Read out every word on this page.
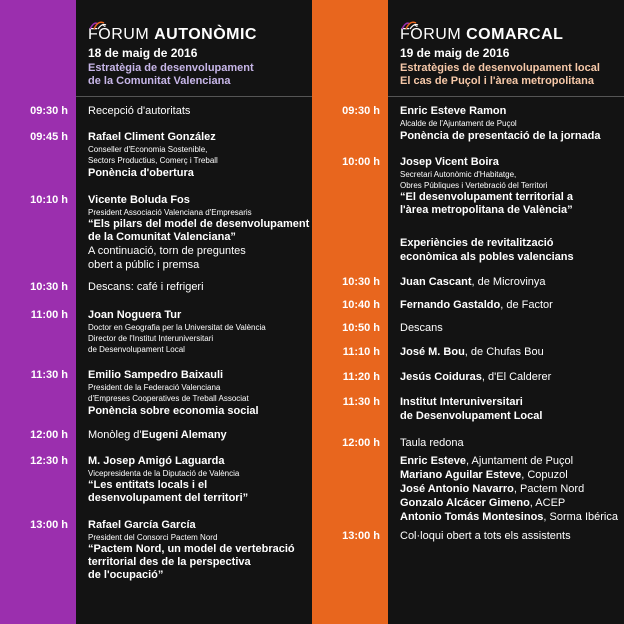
FÒRUM AUTONÒMIC
18 de maig de 2016
Estratègia de desenvolupament
de la Comunitat Valenciana
09:30 h Recepció d'autoritats
09:45 h Rafael Climent González
Conseller d'Economia Sostenible,
Sectors Productius, Comerç i Treball
Ponència d'obertura
10:10 h Vicente Boluda Fos
President Associació Valenciana d'Empresaris
“Els pilars del model de desenvolupament
de la Comunitat Valenciana”
A continuació, torn de preguntes
obert a públic i premsa
10:30 h Descans: café i refrigeri
11:00 h Joan Noguera Tur
Doctor en Geografia per la Universitat de València
Director de l'Institut Interuniversitari
de Desenvolupament Local
11:30 h Emilio Sampedro Baixauli
President de la Federació Valenciana
d'Empreses Cooperatives de Treball Associat
Ponència sobre economia social
12:00 h Monòleg d'Eugeni Alemany
12:30 h M. Josep Amigó Laguarda
Vicepresidenta de la Diputació de València
“Les entitats locals i el
desenvolupament del territori”
13:00 h Rafael García García
President del Consorci Pactem Nord
“Pactem Nord, un model de vertebració
territorial des de la perspectiva
de l'ocupació”
FÒRUM COMARCAL
19 de maig de 2016
Estratègies de desenvolupament local
El cas de Puçol i l'àrea metropolitana
09:30 h Enric Esteve Ramon
Alcalde de l'Ajuntament de Puçol
Ponència de presentació de la jornada
10:00 h Josep Vicent Boira
Secretari Autonòmic d'Habitatge,
Obres Públiques i Vertebració del Territori
“El desenvolupament territorial a
l'àrea metropolitana de València”
Experiències de revitalització
econòmica als pobles valencians
10:30 h Juan Cascant, de Microvinya
10:40 h Fernando Gastaldo, de Factor
10:50 h Descans
11:10 h José M. Bou, de Chufas Bou
11:20 h Jesús Coiduras, d'El Calderer
11:30 h Institut Interuniversitari
de Desenvolupament Local
12:00 h Taula redona
Enric Esteve, Ajuntament de Puçol
Mariano Aguilar Esteve, Copuzol
José Antonio Navarro, Pactem Nord
Gonzalo Alcácer Gimeno, ACEP
Antonio Tomás Montesinos, Sorma Ibérica
13:00 h Col·loqui obert a tots els assistents
